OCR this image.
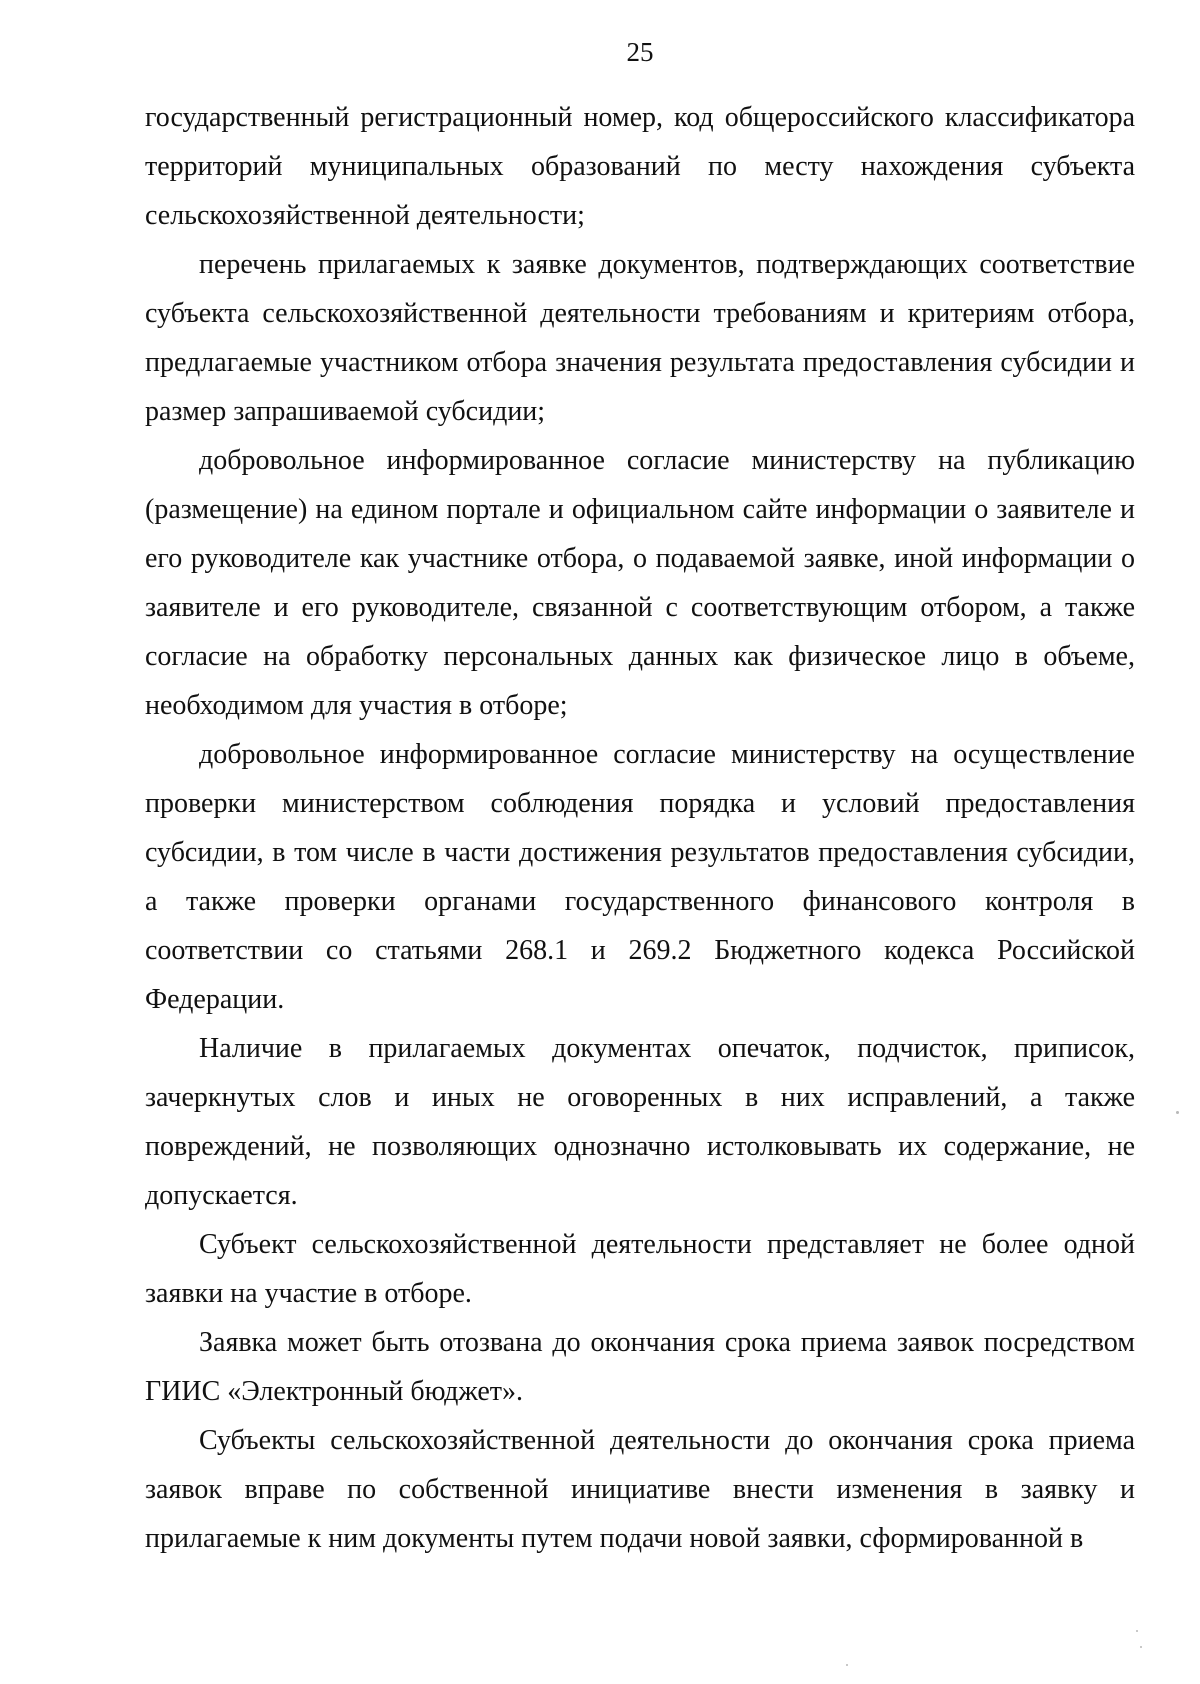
25

государственный регистрационный номер, код общероссийского классификатора территорий муниципальных образований по месту нахождения субъекта сельскохозяйственной деятельности;

перечень прилагаемых к заявке документов, подтверждающих соответствие субъекта сельскохозяйственной деятельности требованиям и критериям отбора, предлагаемые участником отбора значения результата предоставления субсидии и размер запрашиваемой субсидии;

добровольное информированное согласие министерству на публикацию (размещение) на едином портале и официальном сайте информации о заявителе и его руководителе как участнике отбора, о подаваемой заявке, иной информации о заявителе и его руководителе, связанной с соответствующим отбором, а также согласие на обработку персональных данных как физическое лицо в объеме, необходимом для участия в отборе;

добровольное информированное согласие министерству на осуществление проверки министерством соблюдения порядка и условий предоставления субсидии, в том числе в части достижения результатов предоставления субсидии, а также проверки органами государственного финансового контроля в соответствии со статьями 268.1 и 269.2 Бюджетного кодекса Российской Федерации.

Наличие в прилагаемых документах опечаток, подчисток, приписок, зачеркнутых слов и иных не оговоренных в них исправлений, а также повреждений, не позволяющих однозначно истолковывать их содержание, не допускается.

Субъект сельскохозяйственной деятельности представляет не более одной заявки на участие в отборе.

Заявка может быть отозвана до окончания срока приема заявок посредством ГИИС «Электронный бюджет».

Субъекты сельскохозяйственной деятельности до окончания срока приема заявок вправе по собственной инициативе внести изменения в заявку и прилагаемые к ним документы путем подачи новой заявки, сформированной в
